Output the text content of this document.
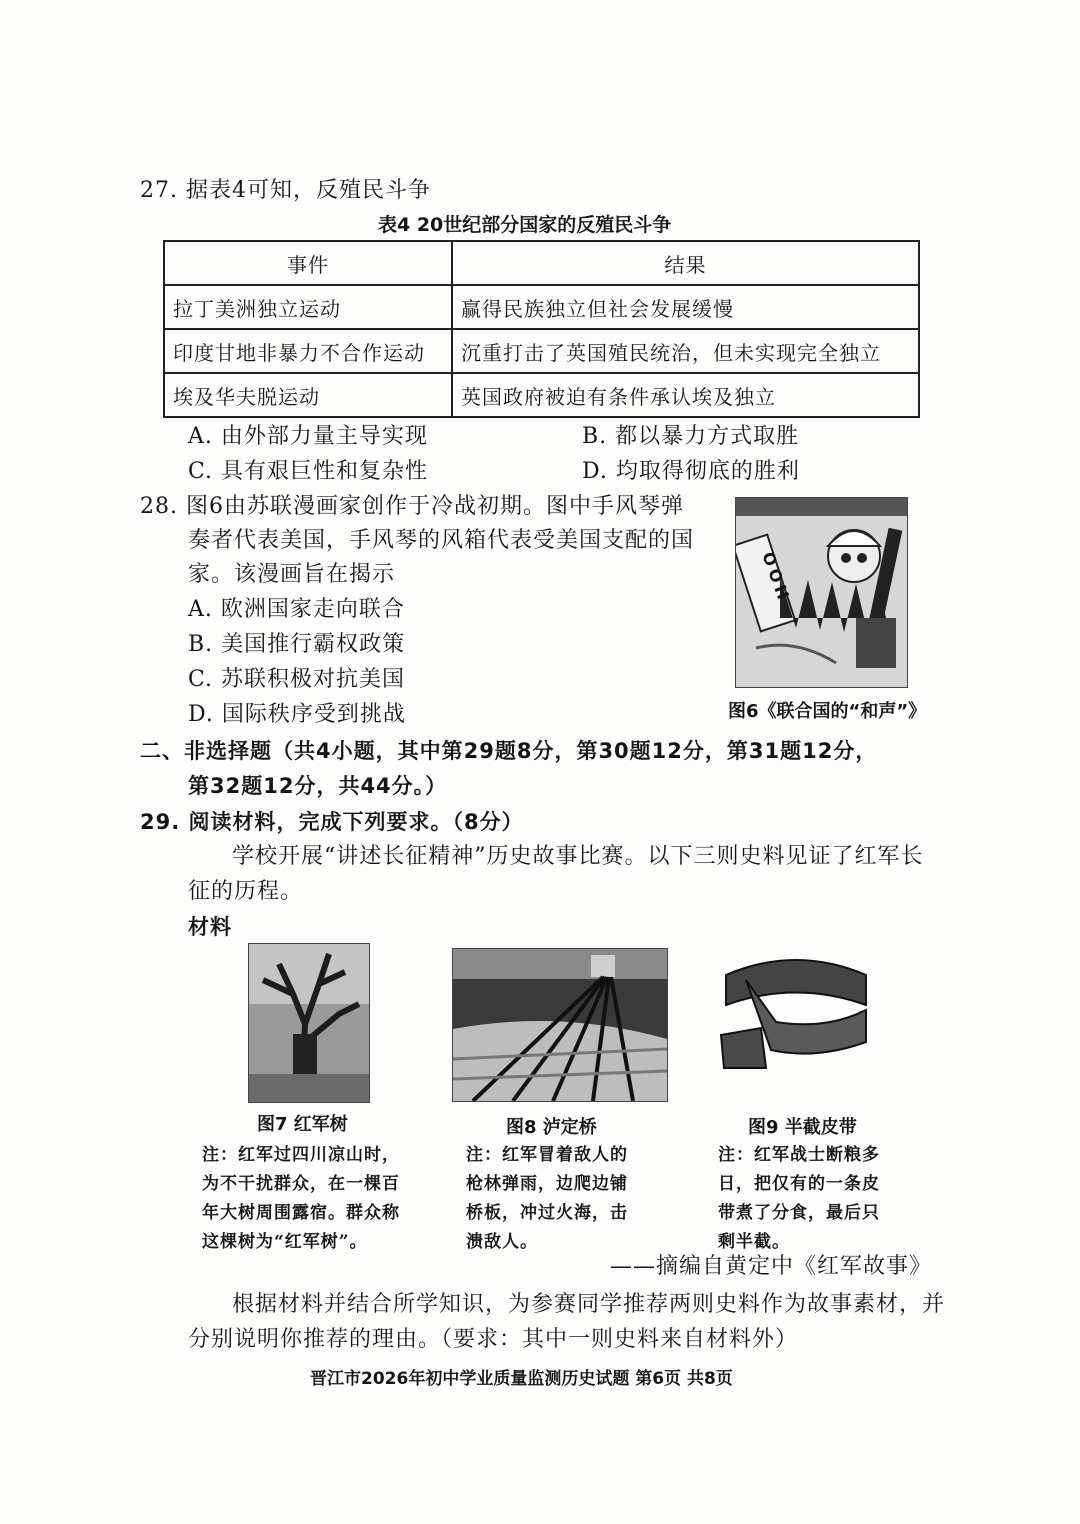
27. 据表4可知，反殖民斗争
表4 20世纪部分国家的反殖民斗争
事件	结果
拉丁美洲独立运动	赢得民族独立但社会发展缓慢
印度甘地非暴力不合作运动	沉重打击了英国殖民统治，但未实现完全独立
埃及华夫脱运动	英国政府被迫有条件承认埃及独立
A. 由外部力量主导实现	B. 都以暴力方式取胜
C. 具有艰巨性和复杂性	D. 均取得彻底的胜利
28. 图6由苏联漫画家创作于冷战初期。图中手风琴弹
奏者代表美国，手风琴的风箱代表受美国支配的国
家。该漫画旨在揭示
A. 欧洲国家走向联合
B. 美国推行霸权政策
C. 苏联积极对抗美国
D. 国际秩序受到挑战
OOH
图6《联合国的“和声”》
二、非选择题（共4小题，其中第29题8分，第30题12分，第31题12分，
第32题12分，共44分。）
29. 阅读材料，完成下列要求。（8分）
学校开展“讲述长征精神”历史故事比赛。以下三则史料见证了红军长
征的历程。
材料
图7 红军树
注：红军过四川凉山时，
为不干扰群众，在一棵百
年大树周围露宿。群众称
这棵树为“红军树”。
图8 泸定桥
注：红军冒着敌人的
枪林弹雨，边爬边铺
桥板，冲过火海，击
溃敌人。
图9 半截皮带
注：红军战士断粮多
日，把仅有的一条皮
带煮了分食，最后只
剩半截。
——摘编自黄定中《红军故事》
根据材料并结合所学知识，为参赛同学推荐两则史料作为故事素材，并
分别说明你推荐的理由。（要求：其中一则史料来自材料外）
晋江市2026年初中学业质量监测历史试题 第6页 共8页
